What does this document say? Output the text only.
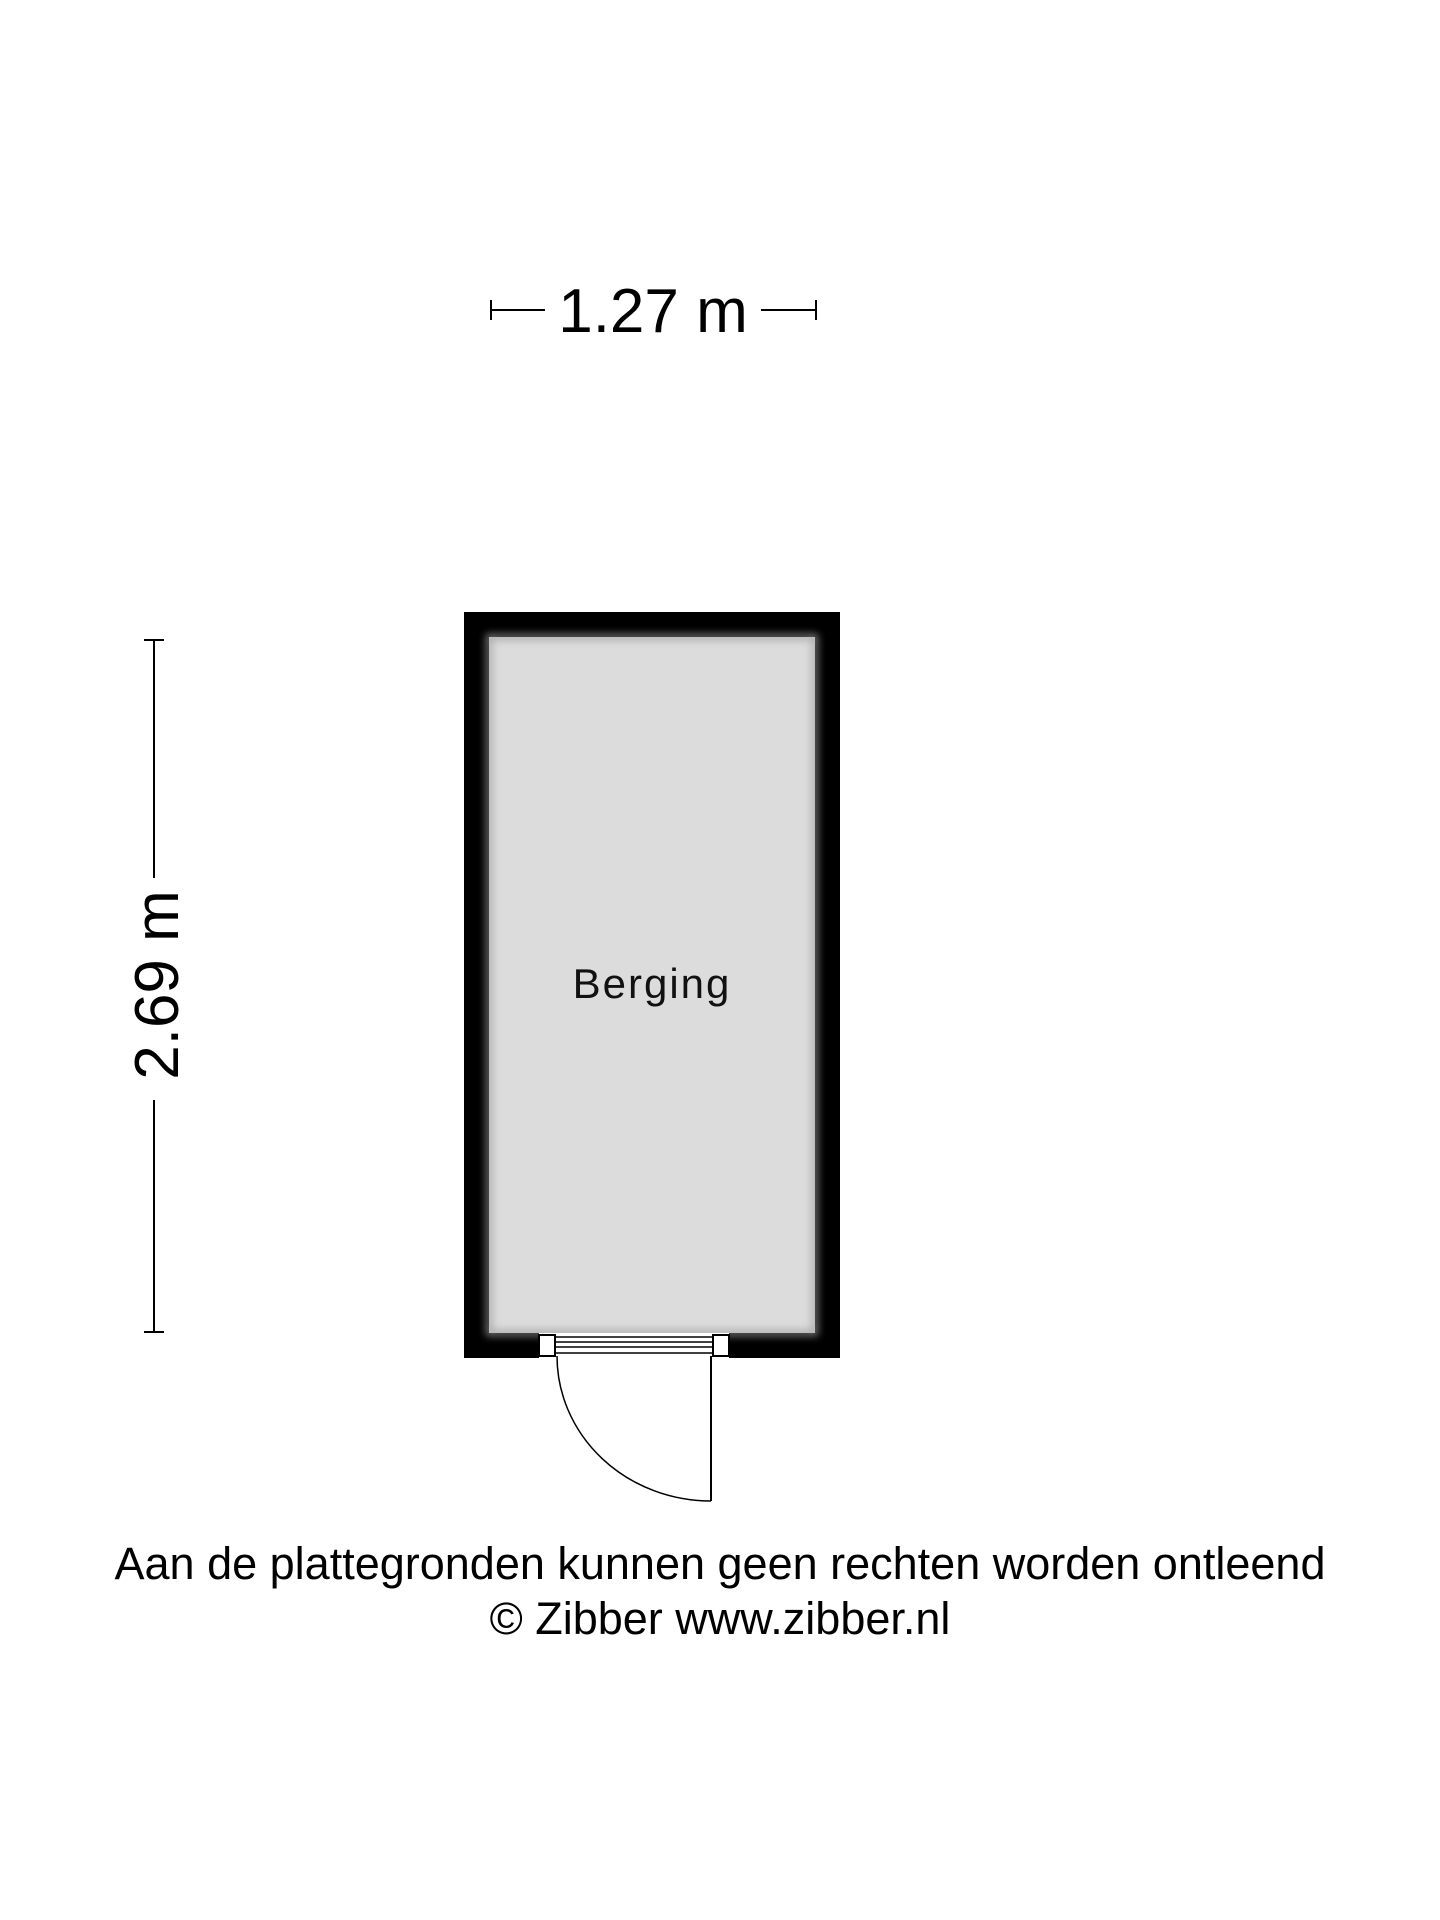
1.27 m
2.69 m	Berging
Aan de plattegronden kunnen geen rechten worden ontleend
© Zibber www.zibber.nl
